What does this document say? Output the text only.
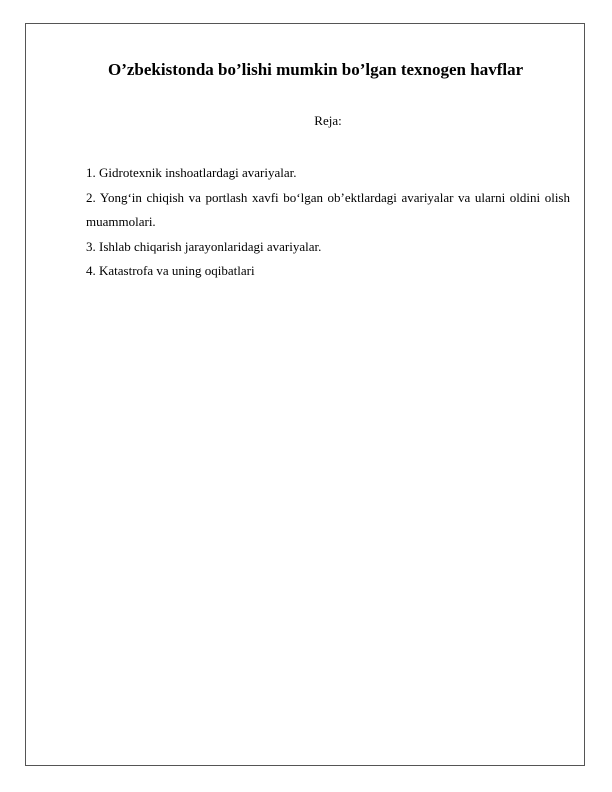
O’zbekistonda bo’lishi mumkin bo’lgan texnogen havflar

Reja:

1. Gidrotexnik inshoatlardagi avariyalar.
2. Yong‘in chiqish va portlash xavfi bo‘lgan ob’ektlardagi avariyalar va ularni oldini olish muammolari.
3. Ishlab chiqarish jarayonlaridagi avariyalar.
4. Katastrofa va uning oqibatlari
